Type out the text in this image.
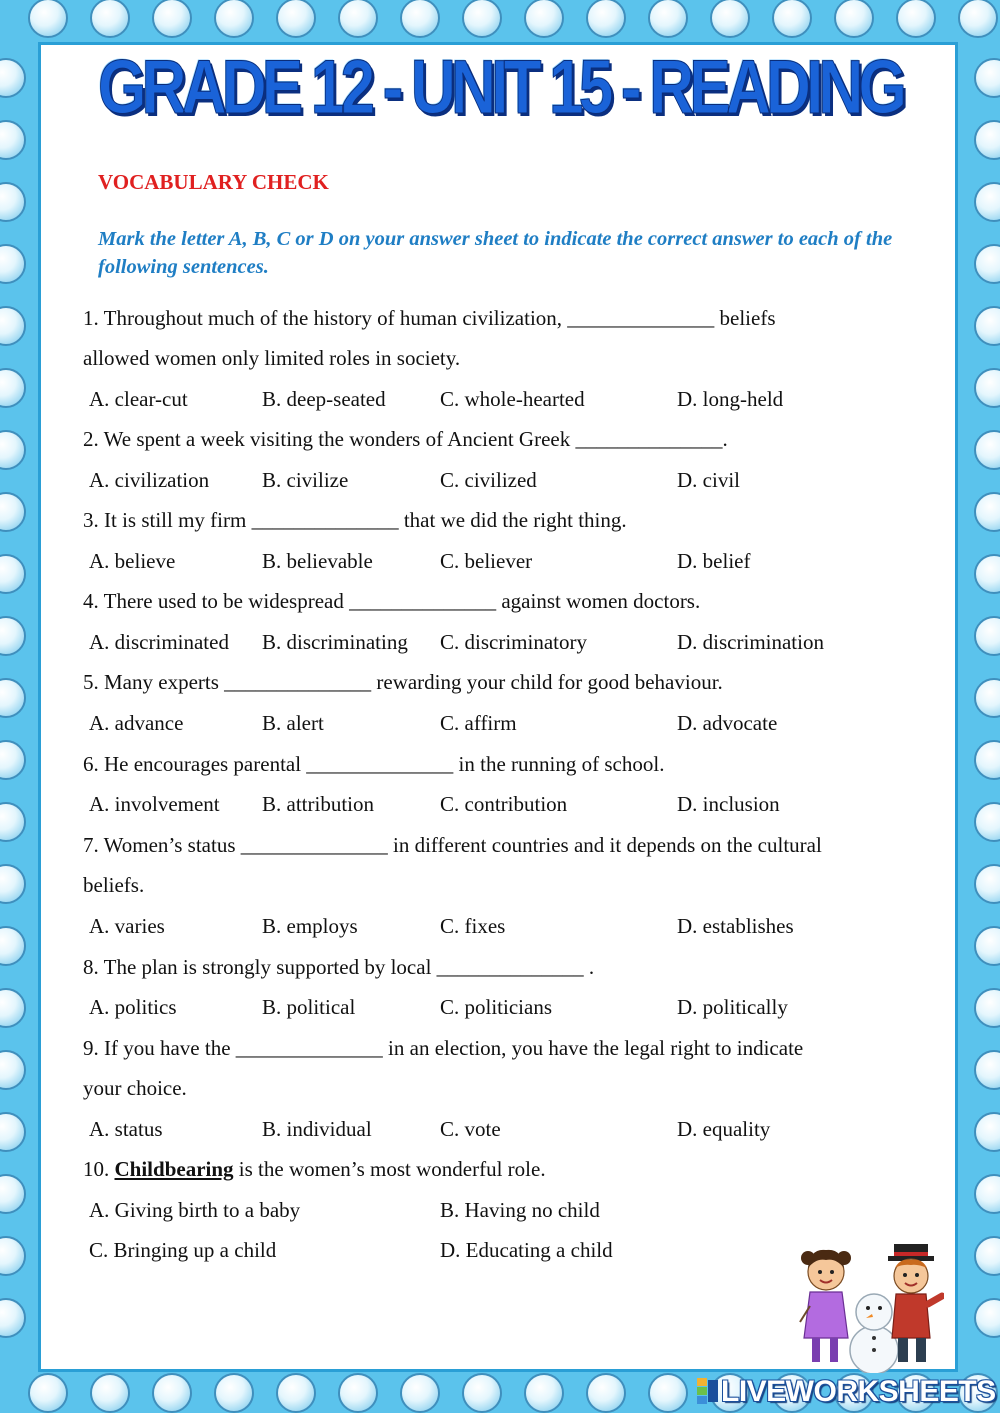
GRADE 12 - UNIT 15 - READING
VOCABULARY CHECK
Mark the letter A, B, C or D on your answer sheet to indicate the correct answer to each of the following sentences.
1. Throughout much of the history of human civilization, ______________ beliefs
allowed women only limited roles in society.
A. clear-cut	B. deep-seated	C. whole-hearted	D. long-held
2. We spent a week visiting the wonders of Ancient Greek ______________.
A. civilization	B. civilize	C. civilized	D. civil
3. It is still my firm ______________ that we did the right thing.
A. believe	B. believable	C. believer	D. belief
4. There used to be widespread ______________ against women doctors.
A. discriminated B. discriminating C. discriminatory	D. discrimination
5. Many experts ______________ rewarding your child for good behaviour.
A. advance	B. alert	C. affirm	D. advocate
6. He encourages parental ______________ in the running of school.
A. involvement B. attribution	C. contribution	D. inclusion
7. Women’s status ______________ in different countries and it depends on the cultural
beliefs.
A. varies	B. employs	C. fixes	D. establishes
8. The plan is strongly supported by local ______________ .
A. politics	B. political	C. politicians	D. politically
9. If you have the ______________ in an election, you have the legal right to indicate
your choice.
A. status	B. individual	C. vote	D. equality
10. Childbearing is the women’s most wonderful role.
A. Giving birth to a baby	B. Having no child
C. Bringing up a child	D. Educating a child
LIVEWORKSHEETS
